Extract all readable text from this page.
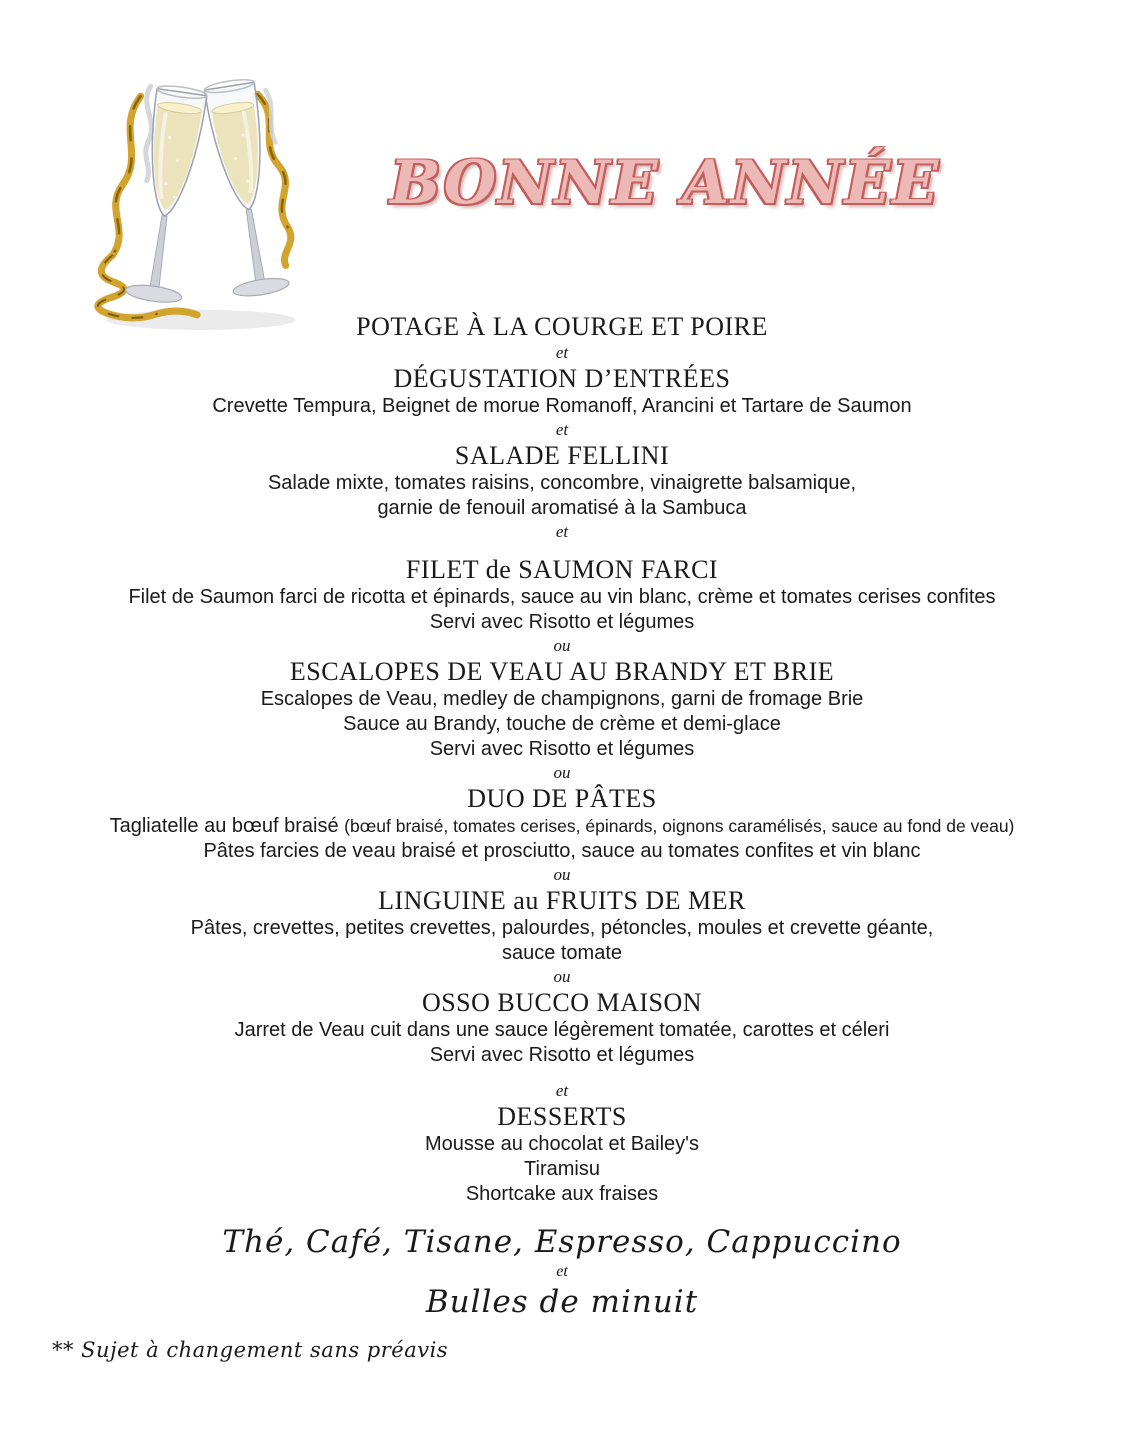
BONNE ANNÉE
POTAGE À LA COURGE ET POIRE
et
DÉGUSTATION D’ENTRÉES
Crevette Tempura, Beignet de morue Romanoff, Arancini et Tartare de Saumon
et
SALADE FELLINI
Salade mixte, tomates raisins, concombre, vinaigrette balsamique,
garnie de fenouil aromatisé à la Sambuca
et
FILET de SAUMON FARCI
Filet de Saumon farci de ricotta et épinards, sauce au vin blanc, crème et tomates cerises confites
Servi avec Risotto et légumes
ou
ESCALOPES DE VEAU AU BRANDY ET BRIE
Escalopes de Veau, medley de champignons, garni de fromage Brie
Sauce au Brandy, touche de crème et demi-glace
Servi avec Risotto et légumes
ou
DUO DE PÂTES
Tagliatelle au bœuf braisé (bœuf braisé, tomates cerises, épinards, oignons caramélisés, sauce au fond de veau)
Pâtes farcies de veau braisé et prosciutto, sauce au tomates confites et vin blanc
ou
LINGUINE au FRUITS DE MER
Pâtes, crevettes, petites crevettes, palourdes, pétoncles, moules et crevette géante,
sauce tomate
ou
OSSO BUCCO MAISON
Jarret de Veau cuit dans une sauce légèrement tomatée, carottes et céleri
Servi avec Risotto et légumes
et
DESSERTS
Mousse au chocolat et Bailey's
Tiramisu
Shortcake aux fraises
Thé, Café, Tisane, Espresso, Cappuccino
et
Bulles de minuit
** Sujet à changement sans préavis
